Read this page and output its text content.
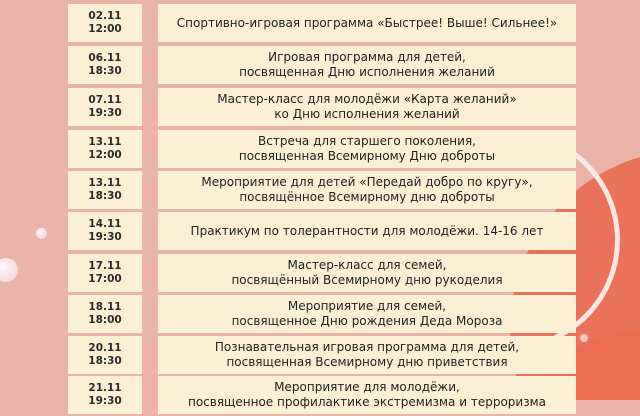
02.11
12:00	Спортивно-игровая программа «Быстрее! Выше! Сильнее!»
06.11
18:30
Игровая программа для детей,
посвященная Дню исполнения желаний
07.11
19:30
Мастер-класс для молодёжи «Карта желаний»
ко Дню исполнения желаний
13.11
12:00
Встреча для старшего поколения,
посвященная Всемирному Дню доброты
13.11
18:30
Мероприятие для детей «Передай добро по кругу»,
посвящённое Всемирному дню доброты
14.11
19:30	Практикум по толерантности для молодёжи. 14-16 лет
17.11
17:00
Мастер-класс для семей,
посвящённый Всемирному дню рукоделия
18.11
18:00
Мероприятие для семей,
посвященное Дню рождения Деда Мороза
20.11
18:30
Познавательная игровая программа для детей,
посвященная Всемирному дню приветствия
21.11
19:30
Мероприятие для молодёжи,
посвященное профилактике экстремизма и терроризма
